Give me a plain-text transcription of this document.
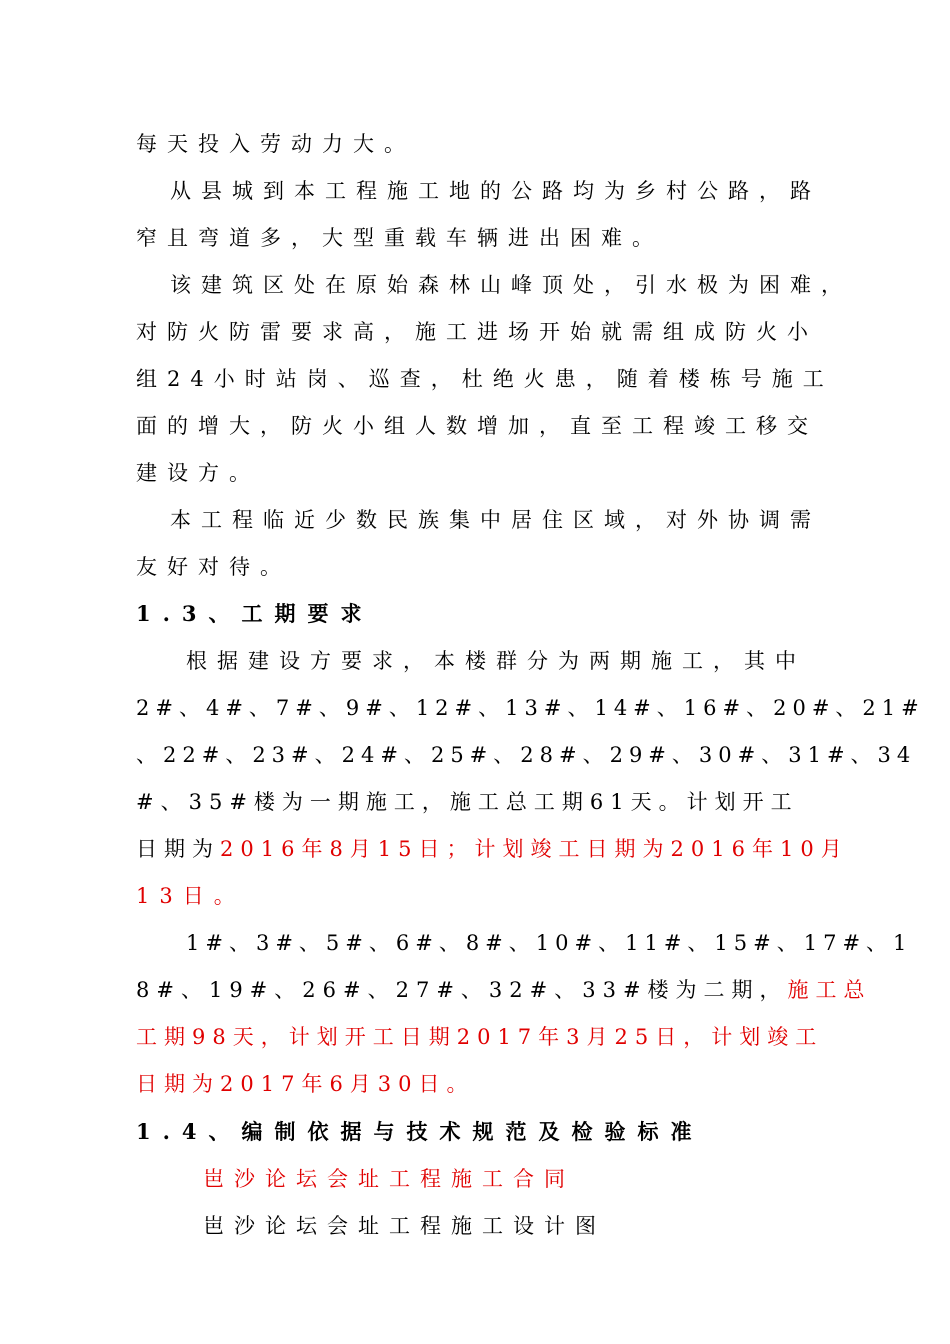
每天投入劳动力大。
从县城到本工程施工地的公路均为乡村公路，路
窄且弯道多，大型重载车辆进出困难。
该建筑区处在原始森林山峰顶处，引水极为困难，
对防火防雷要求高，施工进场开始就需组成防火小
组24小时站岗、巡查，杜绝火患，随着楼栋号施工
面的增大，防火小组人数增加，直至工程竣工移交
建设方。
本工程临近少数民族集中居住区域，对外协调需
友好对待。
1.3、工期要求
根据建设方要求，本楼群分为两期施工，其中
2#、4#、7#、9#、12#、13#、14#、16#、20#、21#
、22#、23#、24#、25#、28#、29#、30#、31#、34
#、35#楼为一期施工，施工总工期61天。计划开工
日期为2016年8月15日；计划竣工日期为2016年10月
13日。
1#、3#、5#、6#、8#、10#、11#、15#、17#、1
8#、19#、26#、27#、32#、33#楼为二期，施工总
工期98天，计划开工日期2017年3月25日，计划竣工
日期为2017年6月30日。
1.4、编制依据与技术规范及检验标准
岜沙论坛会址工程施工合同
岜沙论坛会址工程施工设计图
